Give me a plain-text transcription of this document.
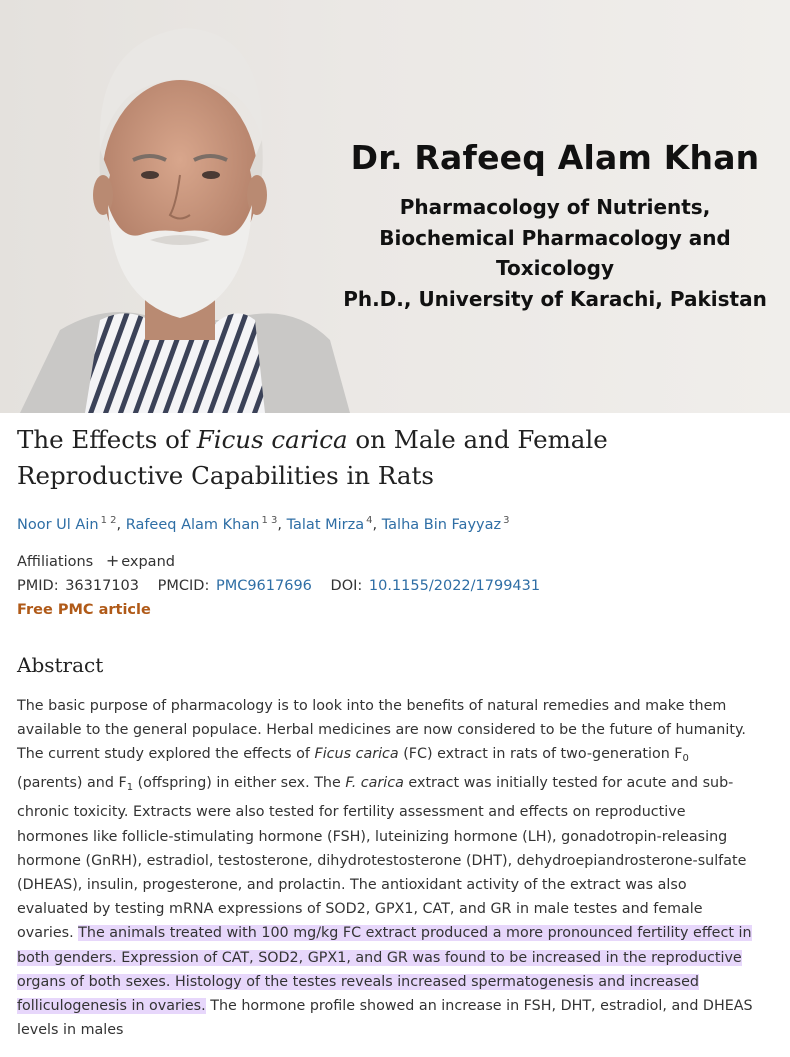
Dr. Rafeeq Alam Khan
Pharmacology of Nutrients,
Biochemical Pharmacology and
Toxicology
Ph.D., University of Karachi, Pakistan
The Effects of Ficus carica on Male and Female Reproductive Capabilities in Rats
Noor Ul Ain $^{1 2}$, Rafeeq Alam Khan $^{1 3}$, Talat Mirza $^4$, Talha Bin Fayyaz $^3$
Affiliations + expand
PMID: 36317103 PMCID: PMC9617696 DOI: 10.1155/2022/1799431
Free PMC article
Abstract

The basic purpose of pharmacology is to look into the benefits of natural remedies and make them available to the general populace. Herbal medicines are now considered to be the future of humanity. The current study explored the effects of Ficus carica (FC) extract in rats of two-generation $F_0$ (parents) and $F_1$ (offspring) in either sex. The F. carica extract was initially tested for acute and sub-chronic toxicity. Extracts were also tested for fertility assessment and effects on reproductive hormones like follicle-stimulating hormone (FSH), luteinizing hormone (LH), gonadotropin-releasing hormone (GnRH), estradiol, testosterone, dihydrotestosterone (DHT), dehydroepiandrosterone-sulfate (DHEAS), insulin, progesterone, and prolactin. The antioxidant activity of the extract was also evaluated by testing mRNA expressions of SOD2, GPX1, CAT, and GR in male testes and female ovaries. The animals treated with 100 mg/kg FC extract produced a more pronounced fertility effect in both genders. Expression of CAT, SOD2, GPX1, and GR was found to be increased in the reproductive organs of both sexes. Histology of the testes reveals increased spermatogenesis and increased folliculogenesis in ovaries. The hormone profile showed an increase in FSH, DHT, estradiol, and DHEAS levels in males
